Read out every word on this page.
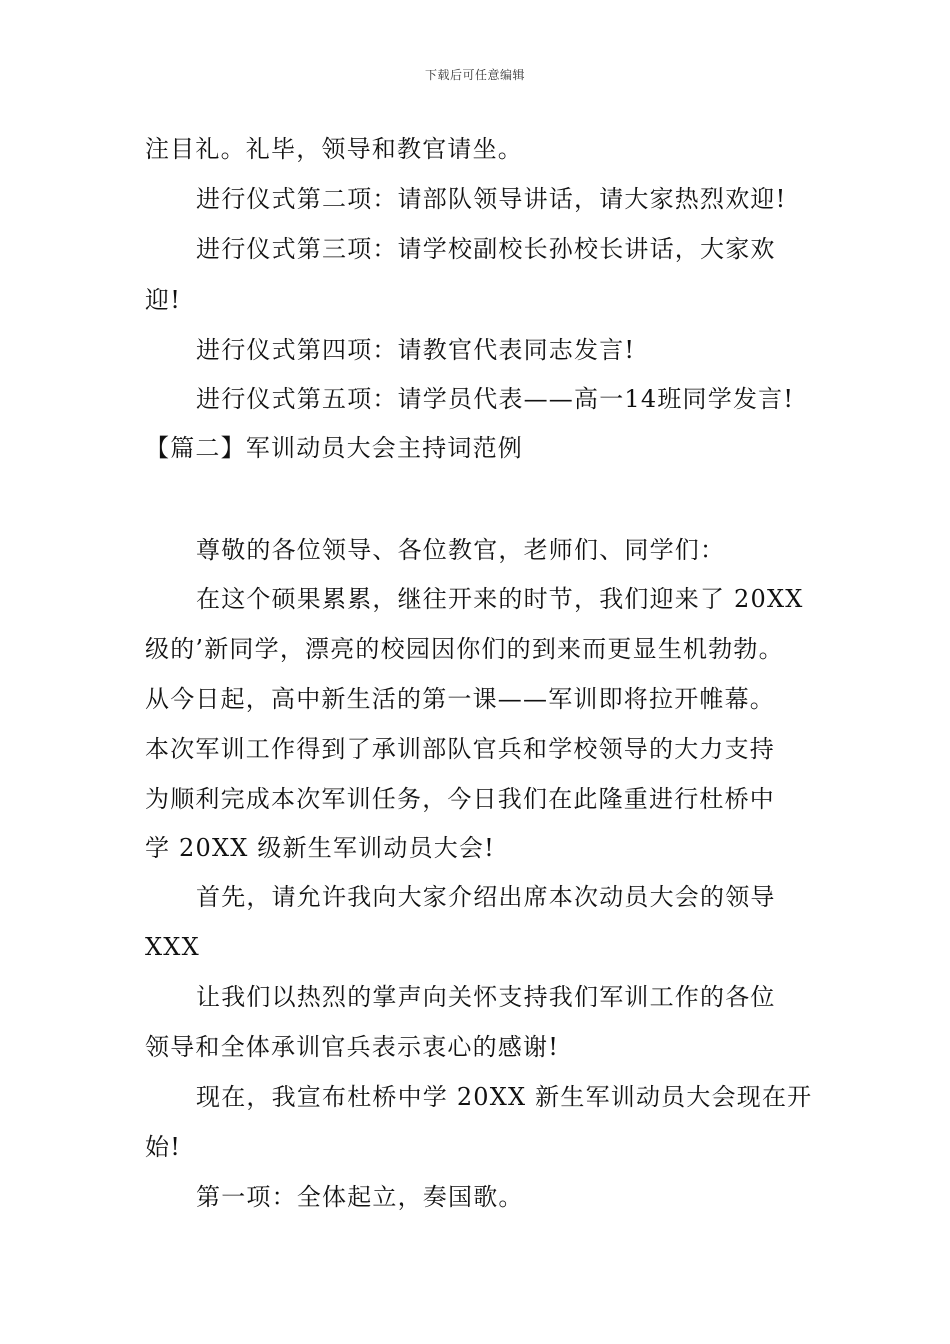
下载后可任意编辑
注目礼。礼毕，领导和教官请坐。
进行仪式第二项：请部队领导讲话，请大家热烈欢迎!
进行仪式第三项：请学校副校长孙校长讲话，大家欢
迎!
进行仪式第四项：请教官代表同志发言!
进行仪式第五项：请学员代表——高一14班同学发言!
【篇二】军训动员大会主持词范例
尊敬的各位领导、各位教官，老师们、同学们：
在这个硕果累累，继往开来的时节，我们迎来了 20XX
级的’新同学，漂亮的校园因你们的到来而更显生机勃勃。
从今日起，高中新生活的第一课——军训即将拉开帷幕。
本次军训工作得到了承训部队官兵和学校领导的大力支持
为顺利完成本次军训任务，今日我们在此隆重进行杜桥中
学 20XX 级新生军训动员大会!
首先，请允许我向大家介绍出席本次动员大会的领导
XXX
让我们以热烈的掌声向关怀支持我们军训工作的各位
领导和全体承训官兵表示衷心的感谢!
现在，我宣布杜桥中学 20XX 新生军训动员大会现在开
始!
第一项：全体起立，奏国歌。
